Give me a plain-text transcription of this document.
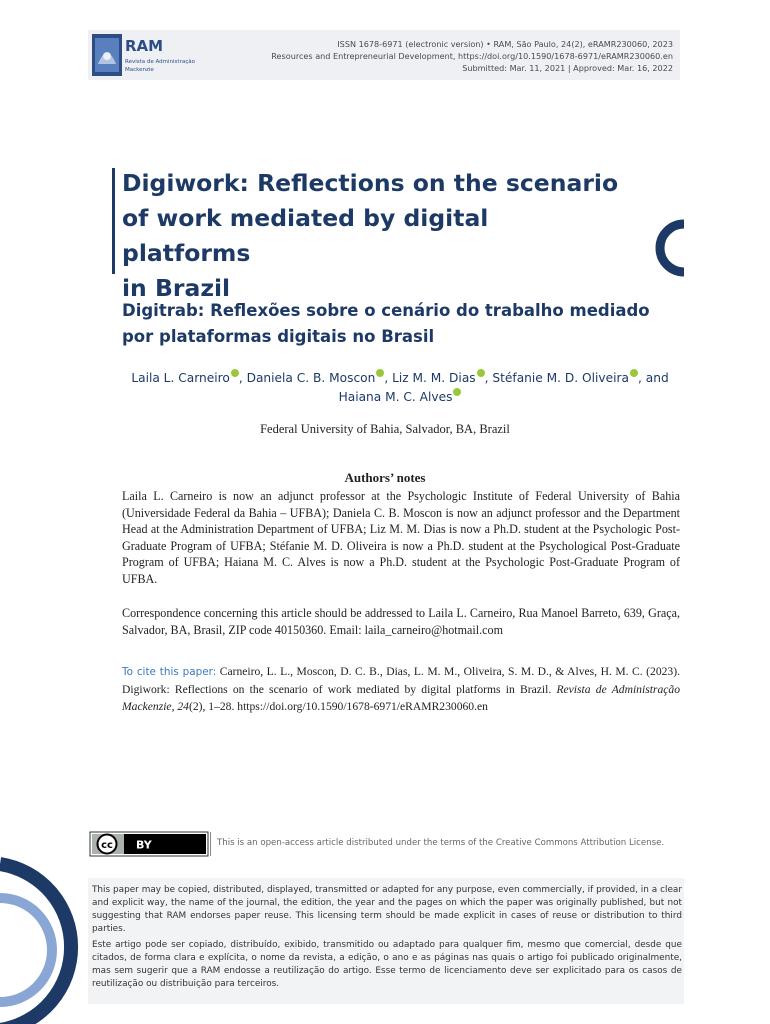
RAM
Revista de Administração
Mackenzie
ISSN 1678-6971 (electronic version) • RAM, São Paulo, 24(2), eRAMR230060, 2023
Resources and Entrepreneurial Development, https://doi.org/10.1590/1678-6971/eRAMR230060.en
Submitted: Mar. 11, 2021 | Approved: Mar. 16, 2022
Digiwork: Reflections on the scenario
of work mediated by digital platforms
in Brazil
Digitrab: Reflexões sobre o cenário do trabalho mediado
por plataformas digitais no Brasil
Laila L. Carneiro , Daniela C. B. Moscon , Liz M. M. Dias , Stéfanie M. D. Oliveira , and
Haiana M. C. Alves
Federal University of Bahia, Salvador, BA, Brazil
Authors’ notes

Laila L. Carneiro is now an adjunct professor at the Psychologic Institute of Federal University of Bahia (Universidade Federal da Bahia – UFBA); Daniela C. B. Moscon is now an adjunct professor and the Department Head at the Administration Department of UFBA; Liz M. M. Dias is now a Ph.D. student at the Psychologic Post-Graduate Program of UFBA; Stéfanie M. D. Oliveira is now a Ph.D. student at the Psychological Post-Graduate Program of UFBA; Haiana M. C. Alves is now a Ph.D. student at the Psychologic Post-Graduate Program of UFBA.

Correspondence concerning this article should be addressed to Laila L. Carneiro, Rua Manoel Barreto, 639, Graça, Salvador, BA, Brasil, ZIP code 40150360. Email: laila_carneiro@hotmail.com

To cite this paper: Carneiro, L. L., Moscon, D. C. B., Dias, L. M. M., Oliveira, S. M. D., & Alves, H. M. C. (2023). Digiwork: Reflections on the scenario of work mediated by digital platforms in Brazil. Revista de Administração Mackenzie, 24(2), 1–28. https://doi.org/10.1590/1678-6971/eRAMR230060.en

cc BY	This is an open-access article distributed under the terms of the Creative Commons Attribution License.

This paper may be copied, distributed, displayed, transmitted or adapted for any purpose, even commercially, if provided, in a clear and explicit way, the name of the journal, the edition, the year and the pages on which the paper was originally published, but not suggesting that RAM endorses paper reuse. This licensing term should be made explicit in cases of reuse or distribution to third parties.

Este artigo pode ser copiado, distribuído, exibido, transmitido ou adaptado para qualquer fim, mesmo que comercial, desde que citados, de forma clara e explícita, o nome da revista, a edição, o ano e as páginas nas quais o artigo foi publicado originalmente, mas sem sugerir que a RAM endosse a reutilização do artigo. Esse termo de licenciamento deve ser explicitado para os casos de reutilização ou distribuição para terceiros.
